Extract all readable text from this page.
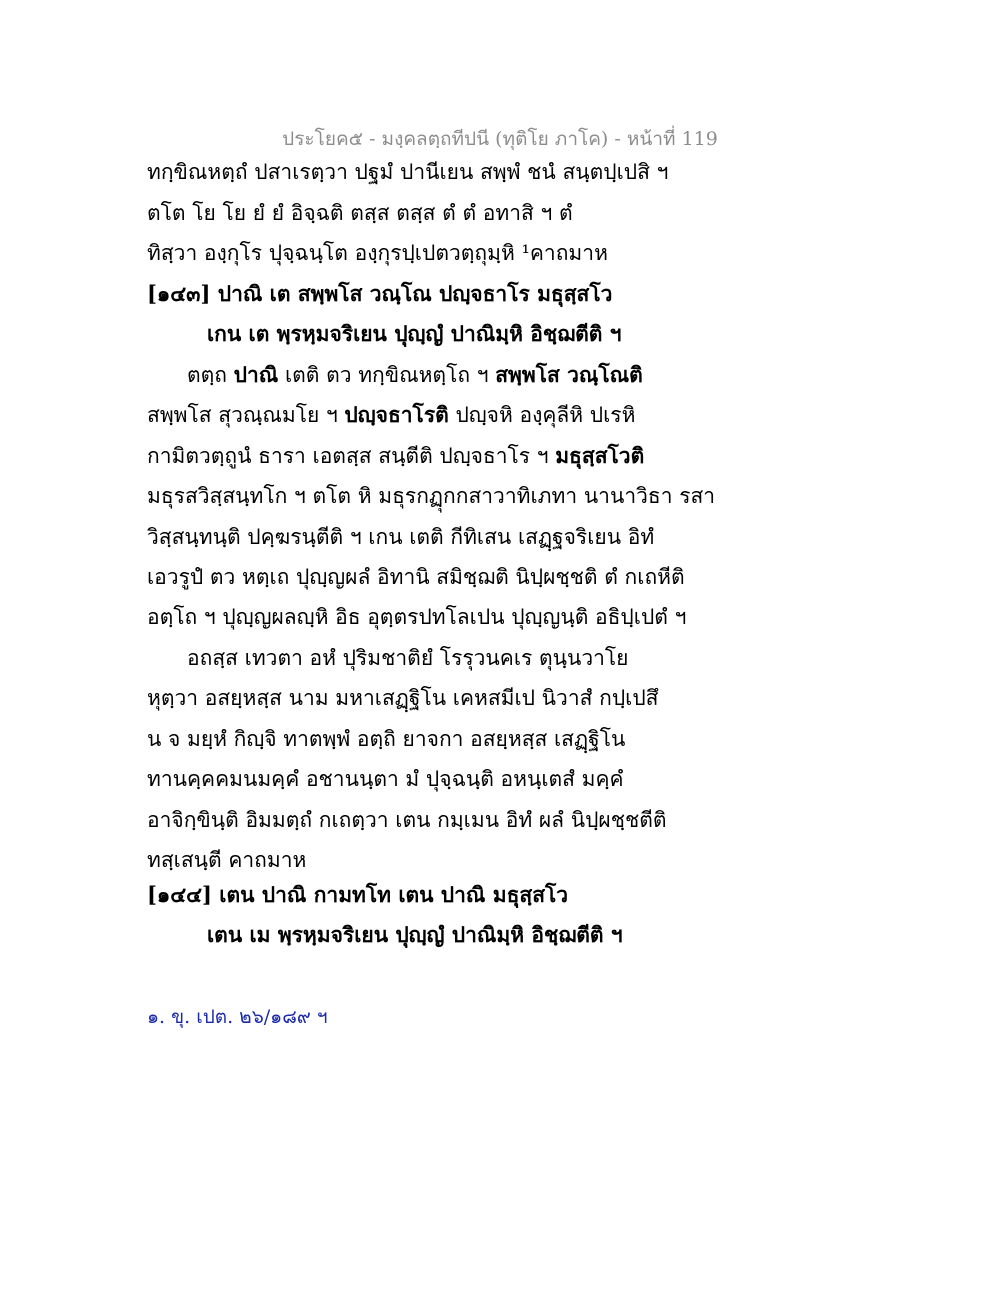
ประโยค๕ - มงฺคลตฺถทีปนี (ทุติโย ภาโค) - หน้าที่ 119
ทกฺขิณหตฺถํ ปสาเรตฺวา ปฐมํ ปานีเยน สพฺพํ ชนํ สนฺตปฺเปสิ ฯ
ตโต โย โย ยํ ยํ อิจฺฉติ ตสฺส ตสฺส ตํ ตํ อทาสิ ฯ ตํ
ทิสฺวา องฺกุโร ปุจฺฉนฺโต องฺกุรปฺเปตวตฺถุมฺหิ ¹คาถมาห
[๑๔๓] ปาณิ เต สพฺพโส วณฺโณ ปญฺจธาโร มธุสฺสโว
เกน เต พฺรหฺมจริเยน ปุญฺญํ ปาณิมฺหิ อิชฺฌตีติ ฯ
ตตฺถ ปาณิ เตติ ตว ทกฺขิณหตฺโถ ฯ สพฺพโส วณฺโณติ
สพฺพโส สุวณฺณมโย ฯ ปญฺจธาโรติ ปญฺจหิ องฺคุลีหิ ปเรหิ
กามิตวตฺถูนํ ธารา เอตสฺส สนฺตีติ ปญฺจธาโร ฯ มธุสฺสโวติ
มธุรสวิสฺสนฺทโก ฯ ตโต หิ มธุรกฏุกกสาวาทิเภทา นานาวิธา รสา
วิสฺสนฺทนฺติ ปคฺฆรนฺตีติ ฯ เกน เตติ กีทิเสน เสฏฺฐจริเยน อิทํ
เอวรูปํ ตว หตฺเถ ปุญฺญผลํ อิทานิ สมิชฺฌติ นิปฺผชฺชติ ตํ กเถหีติ
อตฺโถ ฯ ปุญฺญผลญฺหิ อิธ อุตฺตรปทโลเปน ปุญฺญนฺติ อธิปฺเปตํ ฯ
อถสฺส เทวตา อหํ ปุริมชาติยํ โรรุวนคเร ตุนฺนวาโย
หุตฺวา อสยฺหสฺส นาม มหาเสฏฺฐิโน เคหสมีเป นิวาสํ กปฺเปสึ
น จ มยฺหํ กิญฺจิ ทาตพฺพํ อตฺถิ ยาจกา อสยฺหสฺส เสฏฺฐิโน
ทานคฺคคมนมคฺคํ อชานนฺตา มํ ปุจฺฉนฺติ อหนฺเตสํ มคฺคํ
อาจิกฺขินฺติ อิมมตฺถํ กเถตฺวา เตน กมฺเมน อิทํ ผลํ นิปฺผชฺชตีติ
ทสฺเสนฺตี คาถมาห
[๑๔๔] เตน ปาณิ กามทโท เตน ปาณิ มธุสฺสโว
เตน เม พฺรหฺมจริเยน ปุญฺญํ ปาณิมฺหิ อิชฺฌตีติ ฯ
๑. ขุ. เปต. ๒๖/๑๘๙ ฯ
